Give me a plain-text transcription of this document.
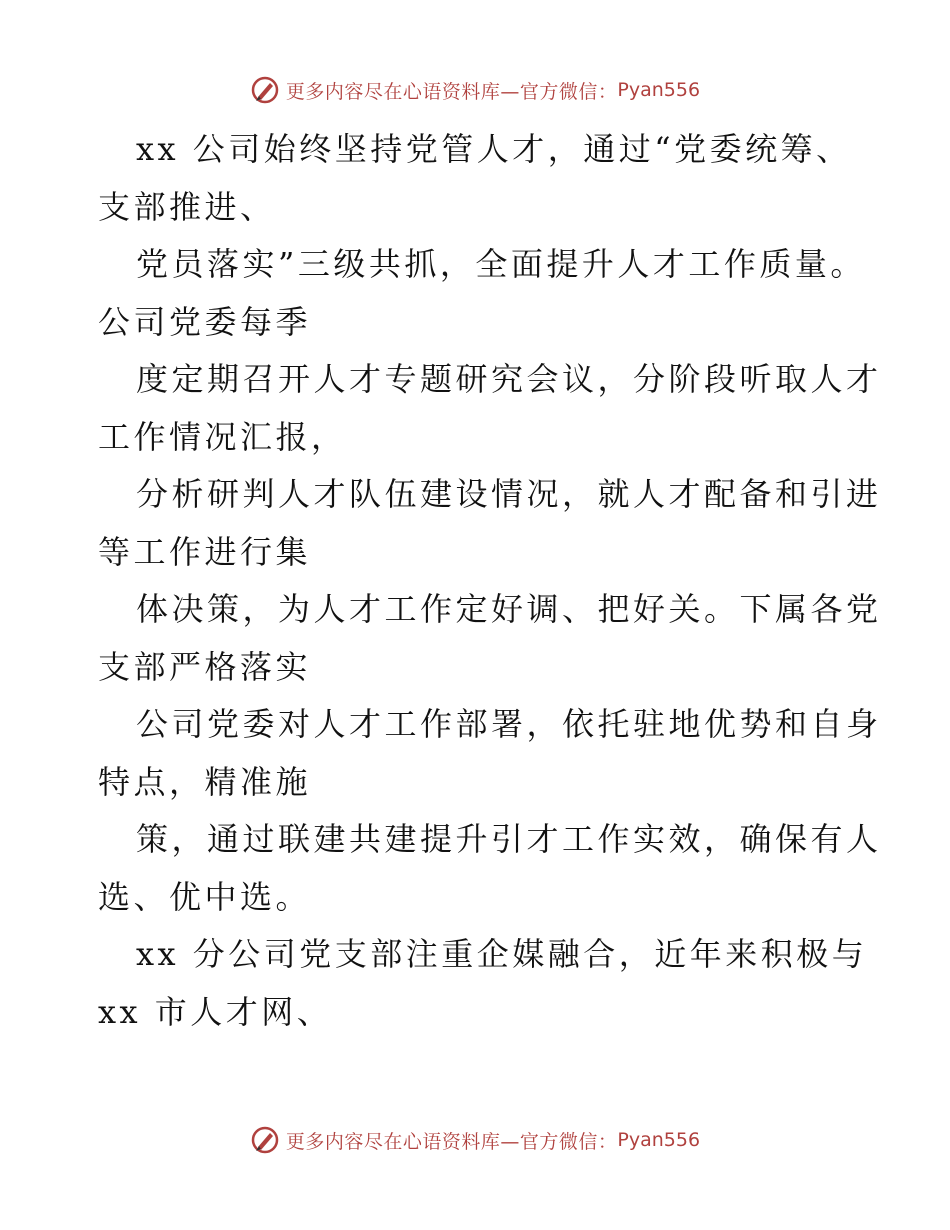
更多内容尽在心语资料库—官方微信： Pyan556
xx 公司始终坚持党管人才，通过“党委统筹、
支部推进、
党员落实”三级共抓，全面提升人才工作质量。
公司党委每季
度定期召开人才专题研究会议，分阶段听取人才
工作情况汇报，
分析研判人才队伍建设情况，就人才配备和引进
等工作进行集
体决策，为人才工作定好调、把好关。下属各党
支部严格落实
公司党委对人才工作部署，依托驻地优势和自身
特点，精准施
策，通过联建共建提升引才工作实效，确保有人
选、优中选。
xx 分公司党支部注重企媒融合，近年来积极与
xx 市人才网、
更多内容尽在心语资料库—官方微信： Pyan556
